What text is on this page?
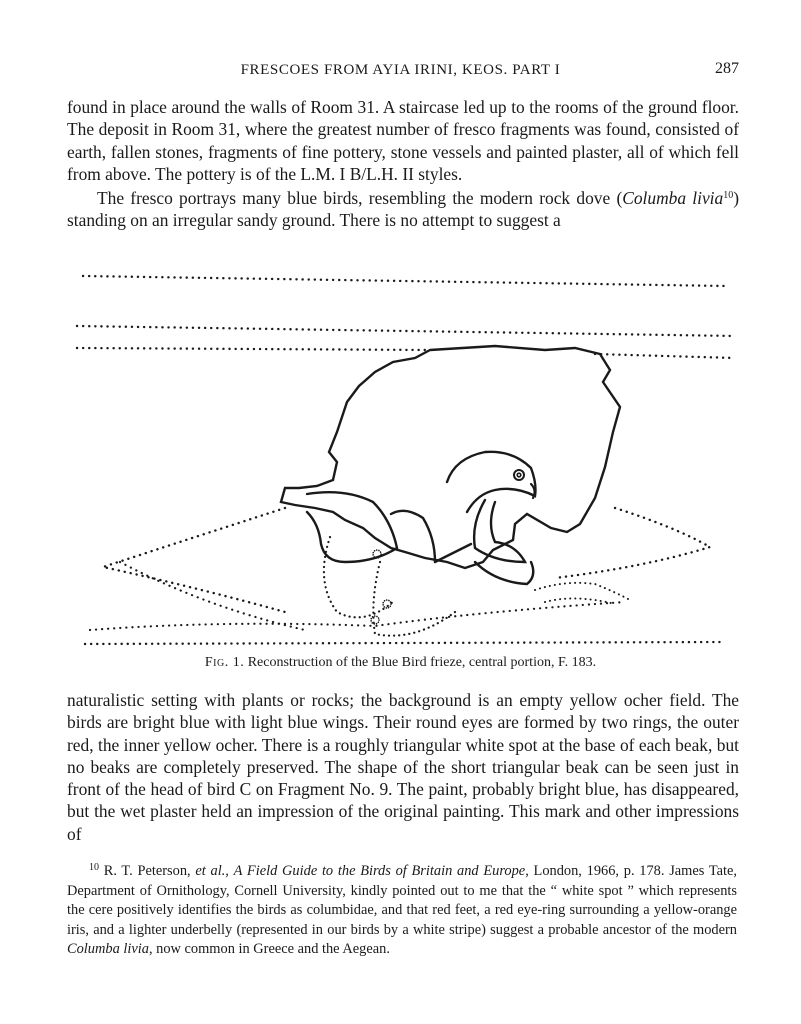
FRESCOES FROM AYIA IRINI, KEOS. PART I	287

found in place around the walls of Room 31. A staircase led up to the rooms of the ground floor. The deposit in Room 31, where the greatest number of fresco fragments was found, consisted of earth, fallen stones, fragments of fine pottery, stone vessels and painted plaster, all of which fell from above. The pottery is of the L.M. I B/L.H. II styles.

The fresco portrays many blue birds, resembling the modern rock dove (Columba livia$^{10}$) standing on an irregular sandy ground. There is no attempt to suggest a

Fig. 1. Reconstruction of the Blue Bird frieze, central portion, F. 183.

naturalistic setting with plants or rocks; the background is an empty yellow ocher field. The birds are bright blue with light blue wings. Their round eyes are formed by two rings, the outer red, the inner yellow ocher. There is a roughly triangular white spot at the base of each beak, but no beaks are completely preserved. The shape of the short triangular beak can be seen just in front of the head of bird C on Fragment No. 9. The paint, probably bright blue, has disappeared, but the wet plaster held an impression of the original painting. This mark and other impressions of

$^{10}$ R. T. Peterson, et al., A Field Guide to the Birds of Britain and Europe, London, 1966, p. 178. James Tate, Department of Ornithology, Cornell University, kindly pointed out to me that the “ white spot ” which represents the cere positively identifies the birds as columbidae, and that red feet, a red eye-ring surrounding a yellow-orange iris, and a lighter underbelly (represented in our birds by a white stripe) suggest a probable ancestor of the modern Columba livia, now common in Greece and the Aegean.
